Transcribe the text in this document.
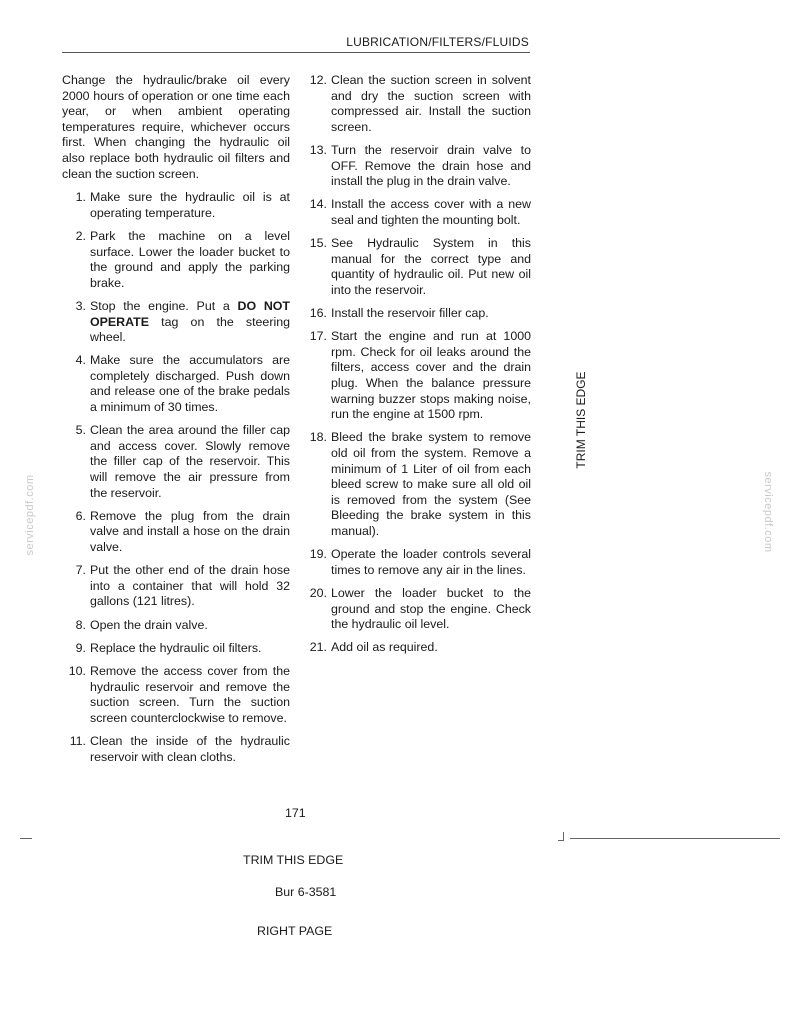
LUBRICATION/FILTERS/FLUIDS

Change the hydraulic/brake oil every 2000 hours of operation or one time each year, or when ambient operating temperatures require, whichever occurs first. When changing the hydraulic oil also replace both hydraulic oil filters and clean the suction screen.

1. Make sure the hydraulic oil is at operating temperature.
2. Park the machine on a level surface. Lower the loader bucket to the ground and apply the parking brake.
3. Stop the engine. Put a DO NOT OPERATE tag on the steering wheel.
4. Make sure the accumulators are completely discharged. Push down and release one of the brake pedals a minimum of 30 times.
5. Clean the area around the filler cap and access cover. Slowly remove the filler cap of the reservoir. This will remove the air pressure from the reservoir.
6. Remove the plug from the drain valve and install a hose on the drain valve.
7. Put the other end of the drain hose into a container that will hold 32 gallons (121 litres).
8. Open the drain valve.
9. Replace the hydraulic oil filters.
10. Remove the access cover from the hydraulic reservoir and remove the suction screen. Turn the suction screen counterclockwise to remove.
11. Clean the inside of the hydraulic reservoir with clean cloths.
12. Clean the suction screen in solvent and dry the suction screen with compressed air. Install the suction screen.
13. Turn the reservoir drain valve to OFF. Remove the drain hose and install the plug in the drain valve.
14. Install the access cover with a new seal and tighten the mounting bolt.
15. See Hydraulic System in this manual for the correct type and quantity of hydraulic oil. Put new oil into the reservoir.
16. Install the reservoir filler cap.
17. Start the engine and run at 1000 rpm. Check for oil leaks around the filters, access cover and the drain plug. When the balance pressure warning buzzer stops making noise, run the engine at 1500 rpm.
18. Bleed the brake system to remove old oil from the system. Remove a minimum of 1 Liter of oil from each bleed screw to make sure all old oil is removed from the system (See Bleeding the brake system in this manual).
19. Operate the loader controls several times to remove any air in the lines.
20. Lower the loader bucket to the ground and stop the engine. Check the hydraulic oil level.
21. Add oil as required.
servicepdf.com	servicepdf.com
TRIM THIS EDGE
171
TRIM THIS EDGE
Bur 6-3581
RIGHT PAGE
